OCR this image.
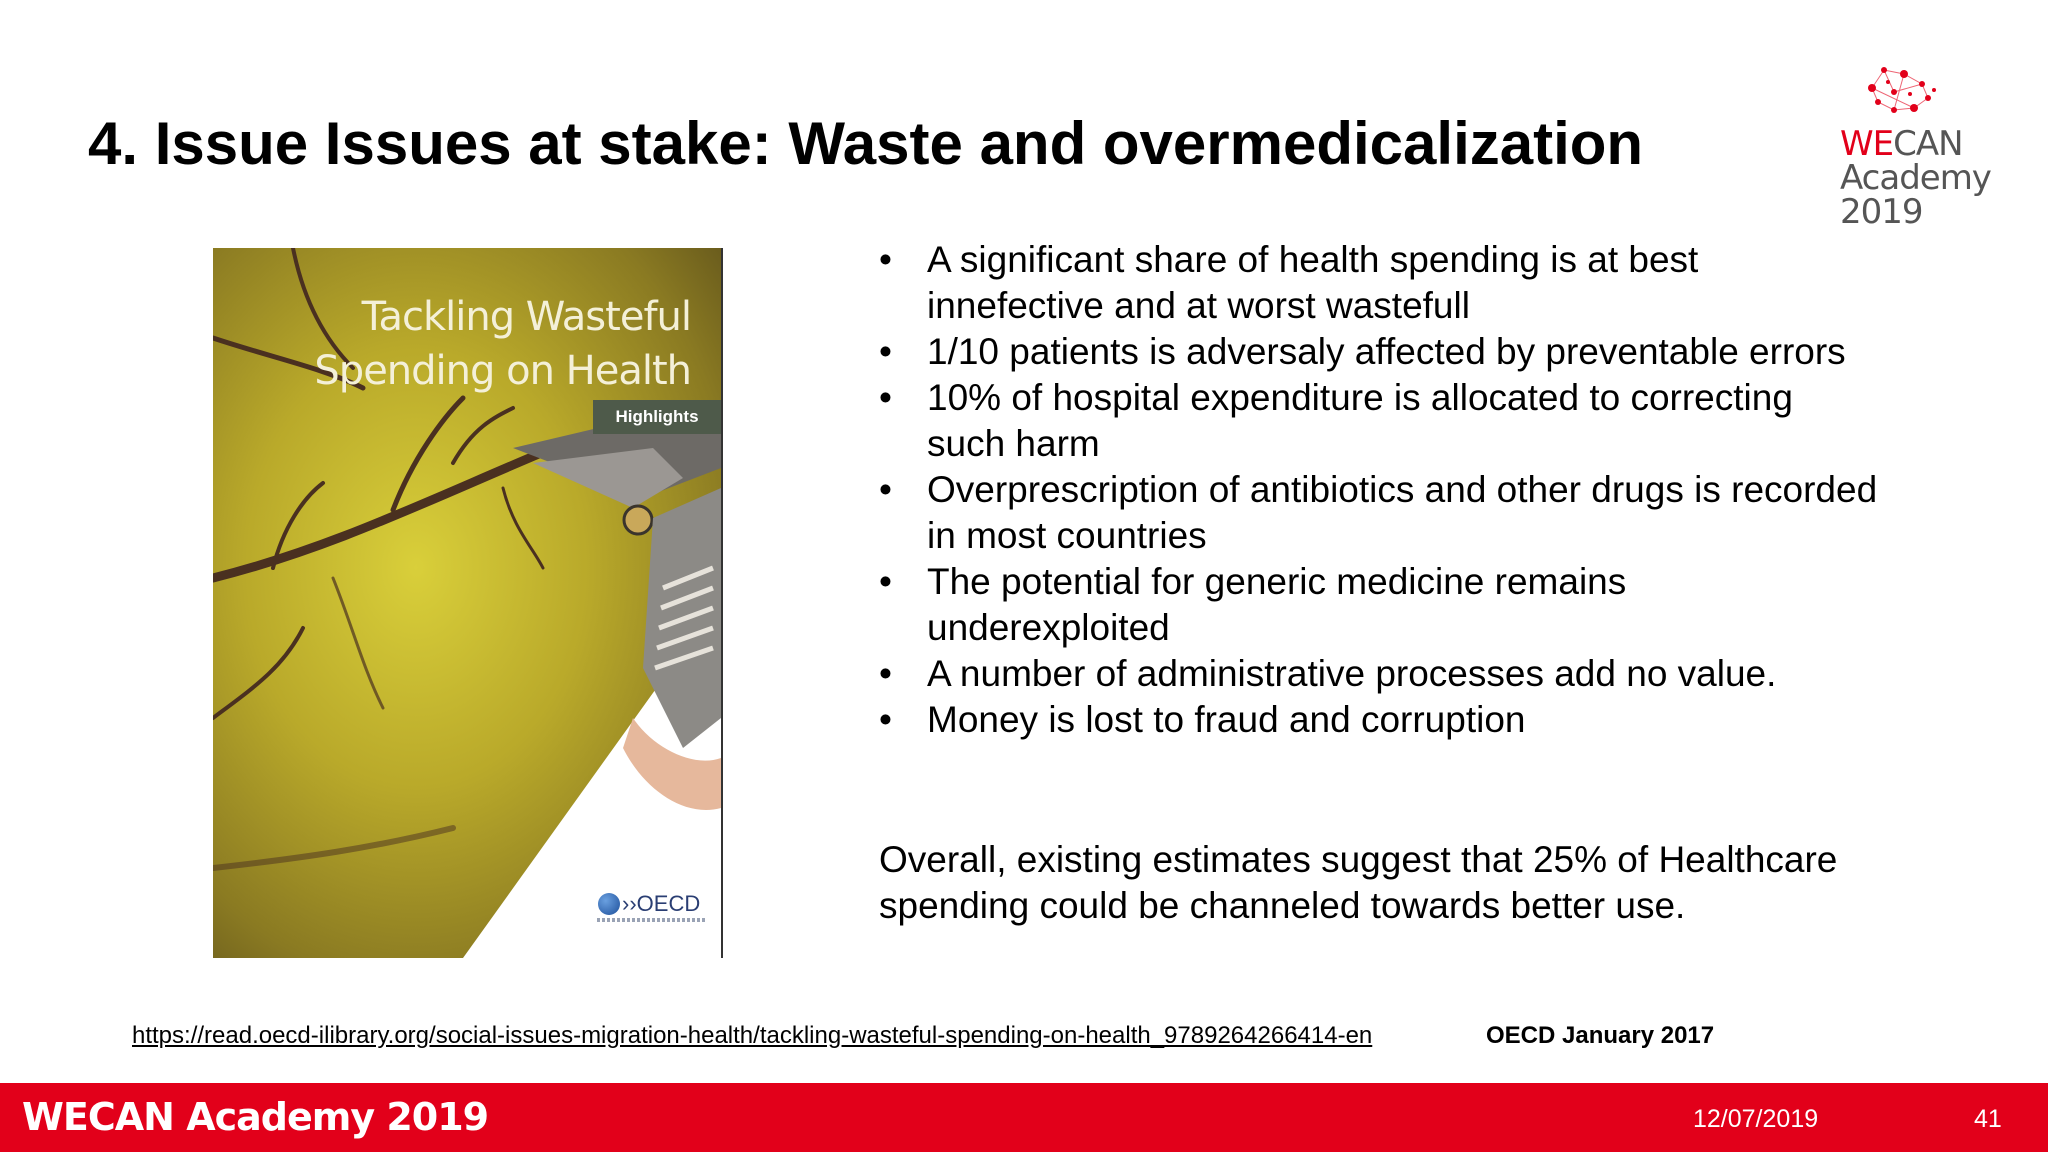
4. Issue Issues at stake: Waste and overmedicalization	WECAN
Academy
2019
Tackling Wasteful
Spending on Health
Highlights
››OECD
• A significant share of health spending is at best innefective and at worst wastefull
• 1/10 patients is adversaly affected by preventable errors
• 10% of hospital expenditure is allocated to correcting such harm
• Overprescription of antibiotics and other drugs is recorded in most countries
• The potential for generic medicine remains underexploited
• A number of administrative processes add no value.
• Money is lost to fraud and corruption

Overall, existing estimates suggest that 25% of Healthcare spending could be channeled towards better use.

https://read.oecd-ilibrary.org/social-issues-migration-health/tackling-wasteful-spending-on-health_9789264266414-en	OECD January 2017
WECAN Academy 2019	12/07/2019	41
